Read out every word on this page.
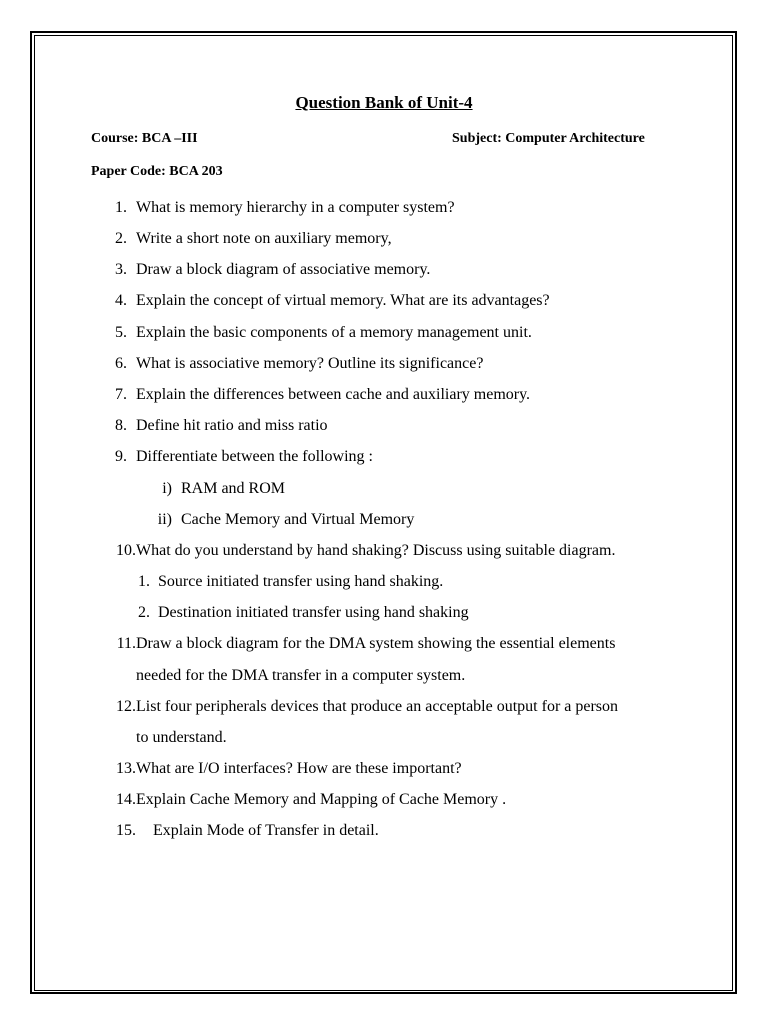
Question Bank of Unit-4
Course: BCA –III	Subject: Computer Architecture
Paper Code: BCA 203
1. What is memory hierarchy in a computer system?
2. Write a short note on auxiliary memory,
3. Draw a block diagram of associative memory.
4. Explain the concept of virtual memory. What are its advantages?
5. Explain the basic components of a memory management unit.
6. What is associative memory? Outline its significance?
7. Explain the differences between cache and auxiliary memory.
8. Define hit ratio and miss ratio
9. Differentiate between the following :
i) RAM and ROM
ii) Cache Memory and Virtual Memory
10. What do you understand by hand shaking? Discuss using suitable diagram.
1. Source initiated transfer using hand shaking.
2. Destination initiated transfer using hand shaking
11. Draw a block diagram for the DMA system showing the essential elements
needed for the DMA transfer in a computer system.
12. List four peripherals devices that produce an acceptable output for a person
to understand.
13. What are I/O interfaces? How are these important?
14. Explain Cache Memory and Mapping of Cache Memory .
15. Explain Mode of Transfer in detail.
